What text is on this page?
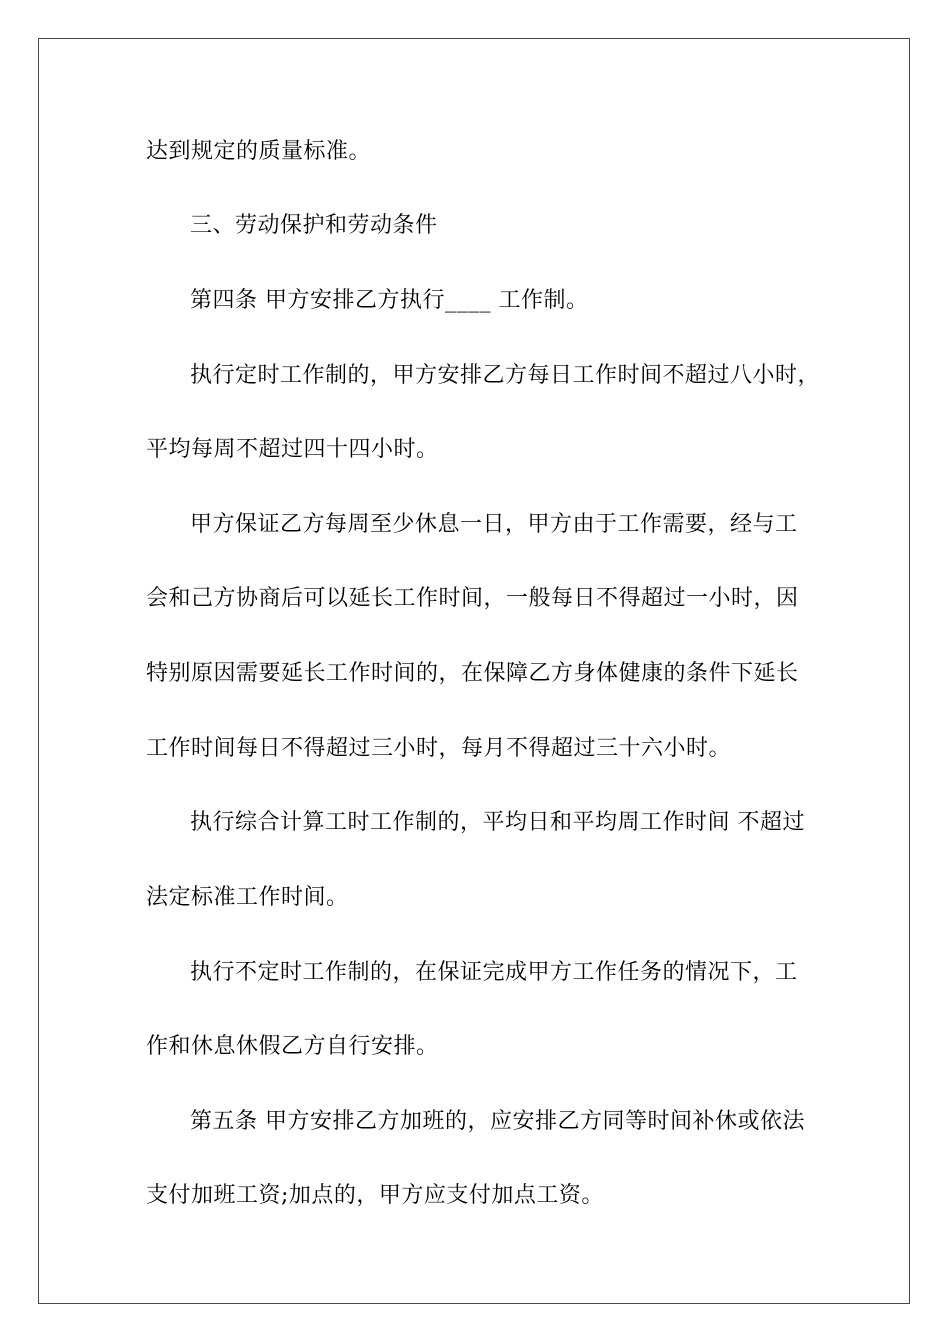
达到规定的质量标准。
三、劳动保护和劳动条件
第四条 甲方安排乙方执行____ 工作制。
执行定时工作制的，甲方安排乙方每日工作时间不超过八小时，
平均每周不超过四十四小时。
甲方保证乙方每周至少休息一日，甲方由于工作需要，经与工
会和己方协商后可以延长工作时间，一般每日不得超过一小时，因
特别原因需要延长工作时间的，在保障乙方身体健康的条件下延长
工作时间每日不得超过三小时，每月不得超过三十六小时。
执行综合计算工时工作制的，平均日和平均周工作时间 不超过
法定标准工作时间。
执行不定时工作制的，在保证完成甲方工作任务的情况下，工
作和休息休假乙方自行安排。
第五条 甲方安排乙方加班的，应安排乙方同等时间补休或依法
支付加班工资;加点的，甲方应支付加点工资。
